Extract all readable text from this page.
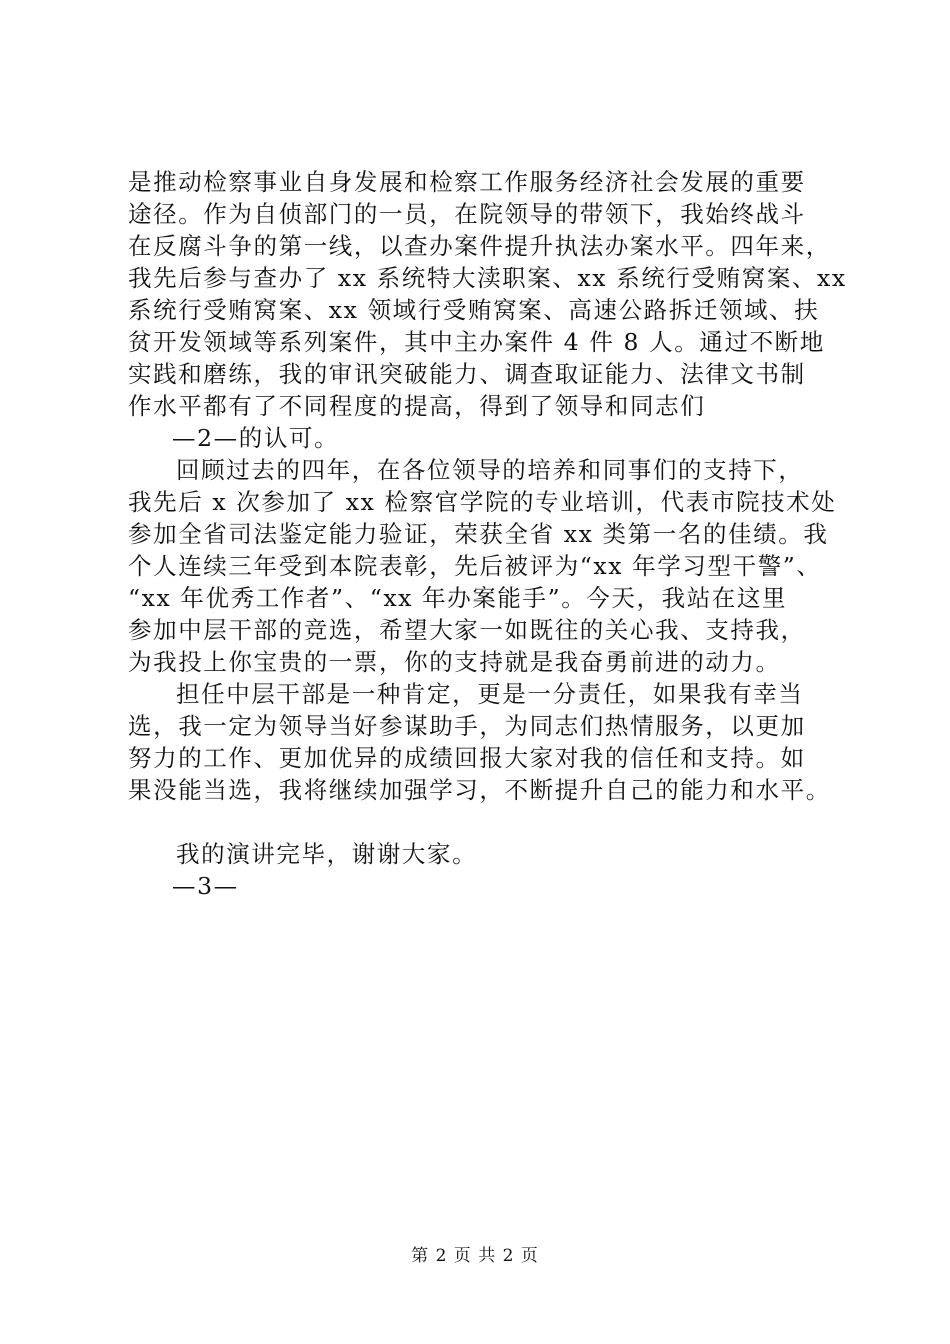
是推动检察事业自身发展和检察工作服务经济社会发展的重要
途径。作为自侦部门的一员，在院领导的带领下，我始终战斗
在反腐斗争的第一线，以查办案件提升执法办案水平。四年来，
我先后参与查办了 xx 系统特大渎职案、xx 系统行受贿窝案、xx
系统行受贿窝案、xx 领域行受贿窝案、高速公路拆迁领域、扶
贫开发领域等系列案件，其中主办案件 4 件 8 人。通过不断地
实践和磨练，我的审讯突破能力、调查取证能力、法律文书制
作水平都有了不同程度的提高，得到了领导和同志们
—2—的认可。
回顾过去的四年，在各位领导的培养和同事们的支持下，
我先后 x 次参加了 xx 检察官学院的专业培训，代表市院技术处
参加全省司法鉴定能力验证，荣获全省 xx 类第一名的佳绩。我
个人连续三年受到本院表彰，先后被评为“xx 年学习型干警”、
“xx 年优秀工作者”、“xx 年办案能手”。今天，我站在这里
参加中层干部的竞选，希望大家一如既往的关心我、支持我，
为我投上你宝贵的一票，你的支持就是我奋勇前进的动力。
担任中层干部是一种肯定，更是一分责任，如果我有幸当
选，我一定为领导当好参谋助手，为同志们热情服务，以更加
努力的工作、更加优异的成绩回报大家对我的信任和支持。如
果没能当选，我将继续加强学习，不断提升自己的能力和水平。
我的演讲完毕，谢谢大家。
—3—
第 2 页 共 2 页
